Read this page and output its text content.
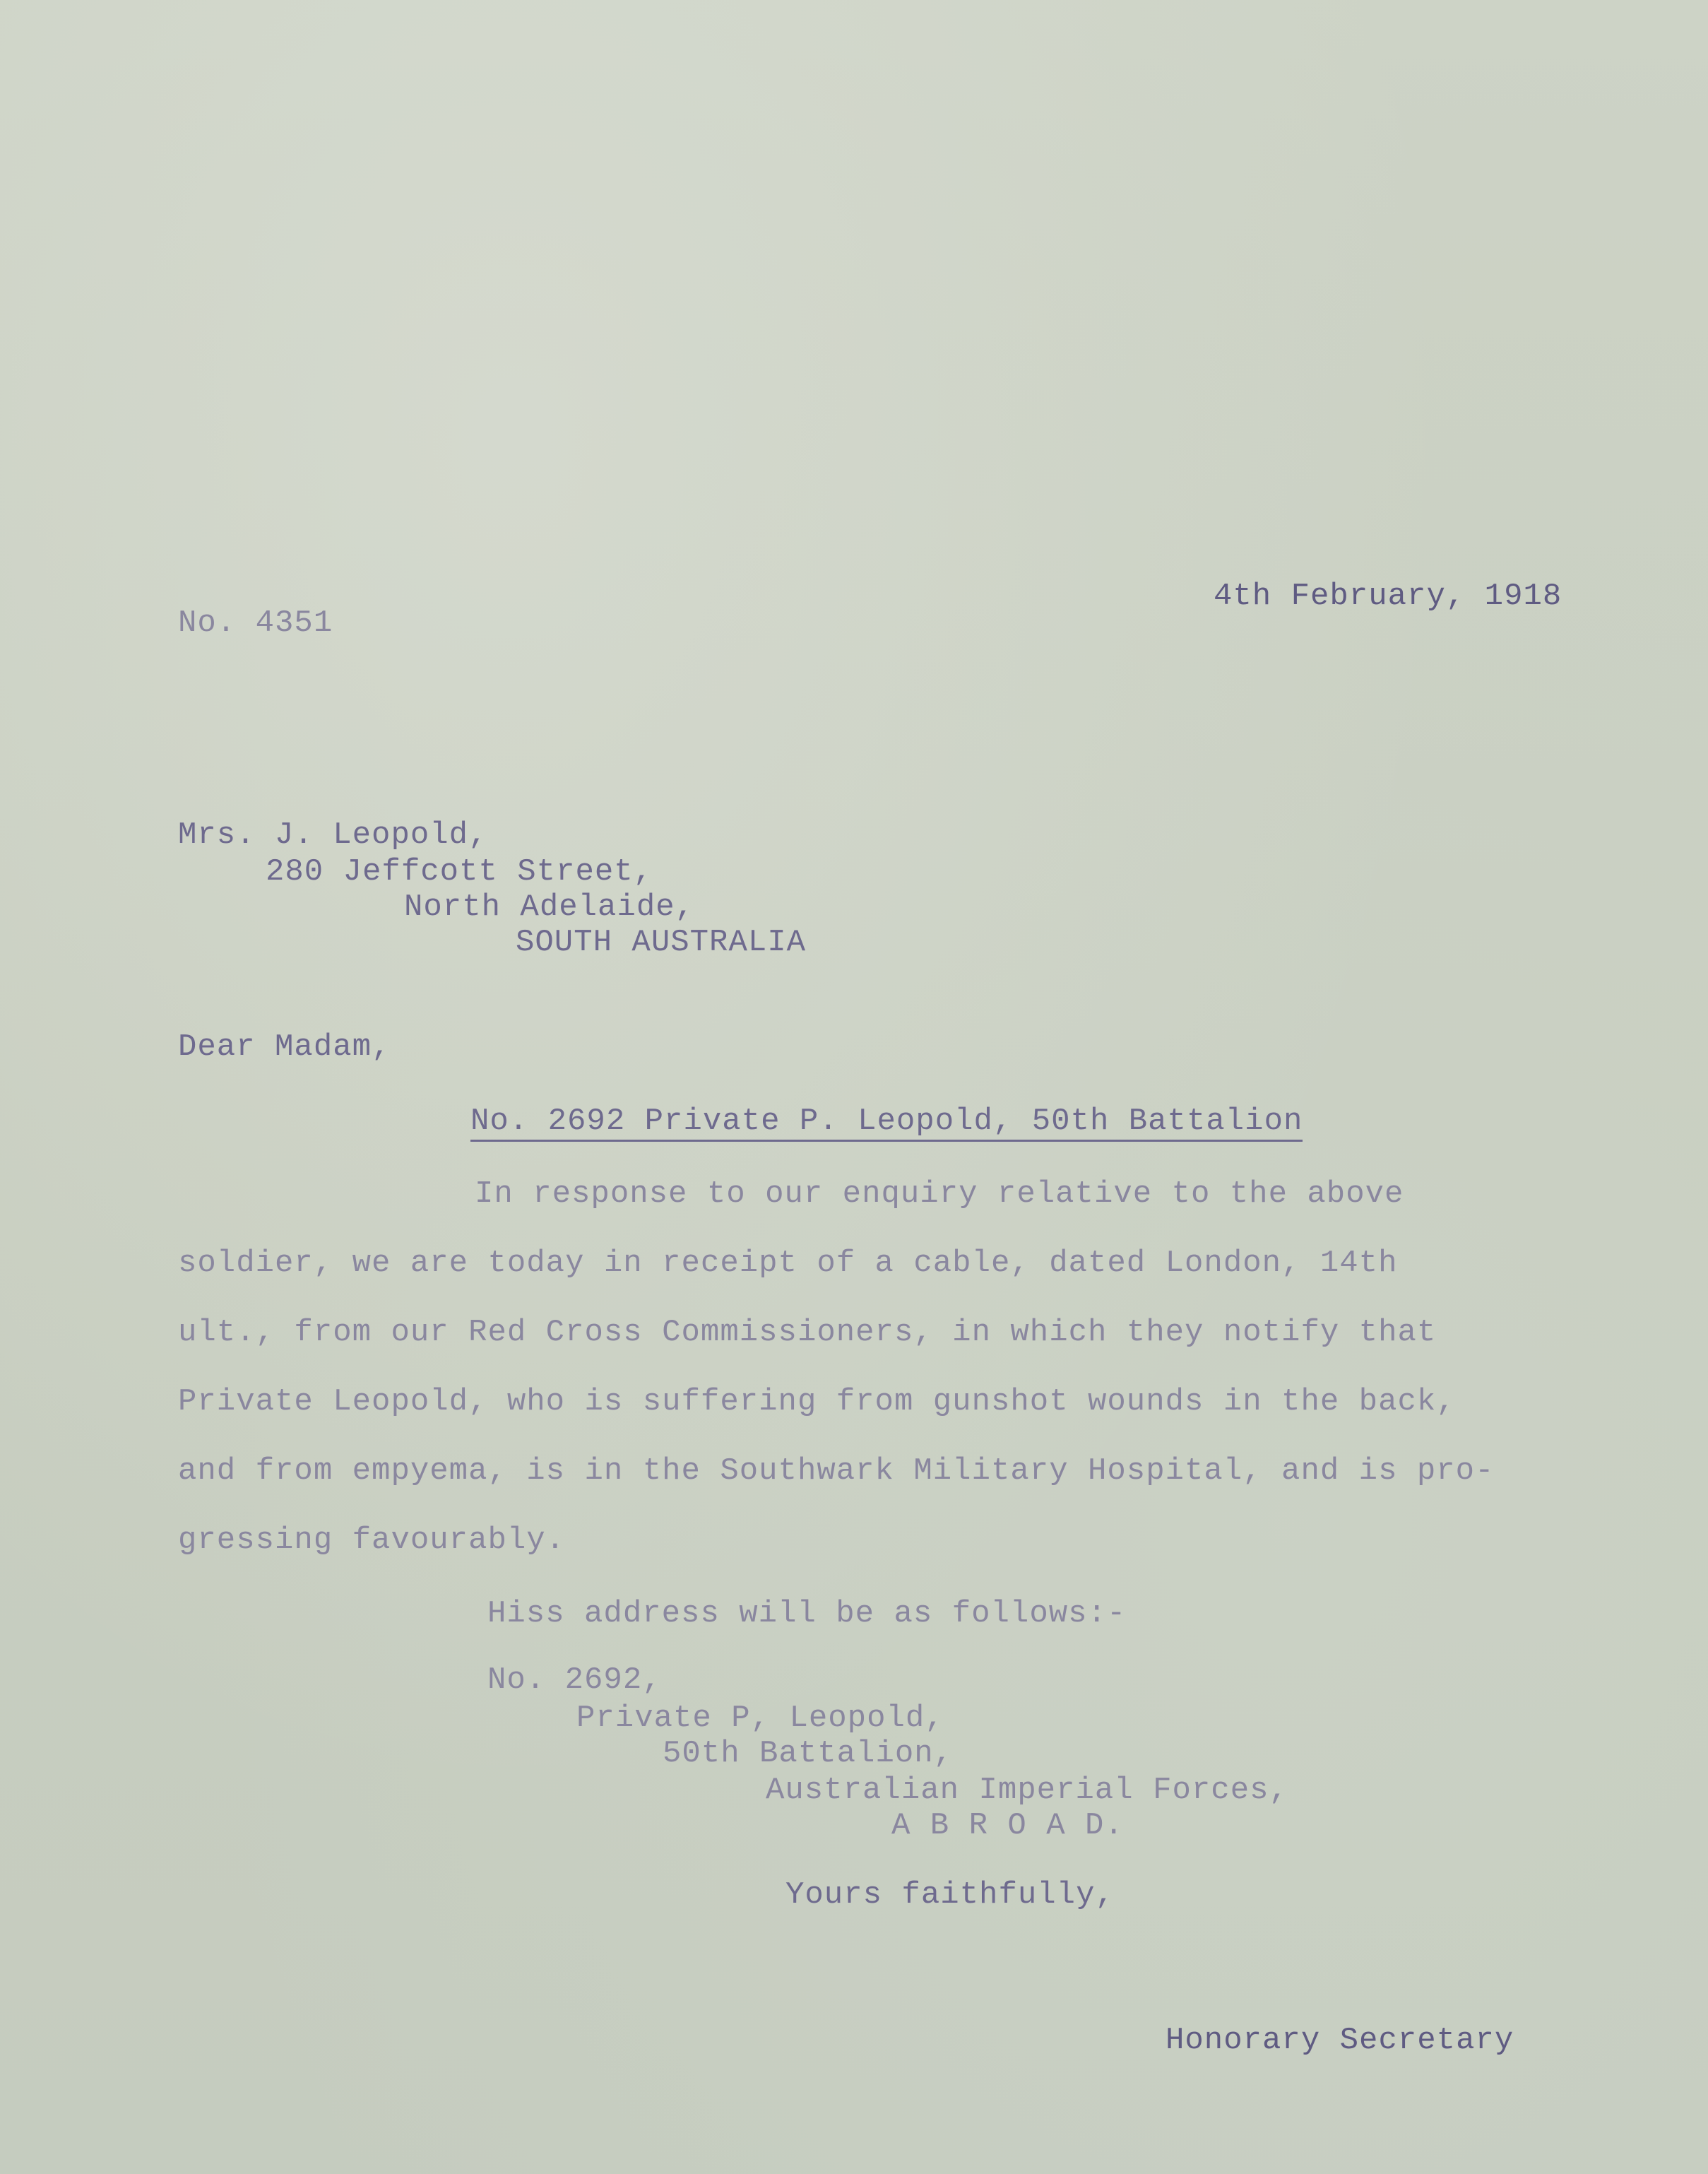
4th February, 1918
No. 4351
Mrs. J. Leopold,
280 Jeffcott Street,
North Adelaide,
SOUTH AUSTRALIA
Dear Madam,
No. 2692 Private P. Leopold, 50th Battalion
In response to our enquiry relative to the above
soldier, we are today in receipt of a cable, dated London, 14th
ult., from our Red Cross Commissioners, in which they notify that
Private Leopold, who is suffering from gunshot wounds in the back,
and from empyema, is in the Southwark Military Hospital, and is pro-
gressing favourably.
Hiss address will be as follows:-
No. 2692,
Private P, Leopold,
50th Battalion,
Australian Imperial Forces,
A B R O A D.
Yours faithfully,
Honorary Secretary
